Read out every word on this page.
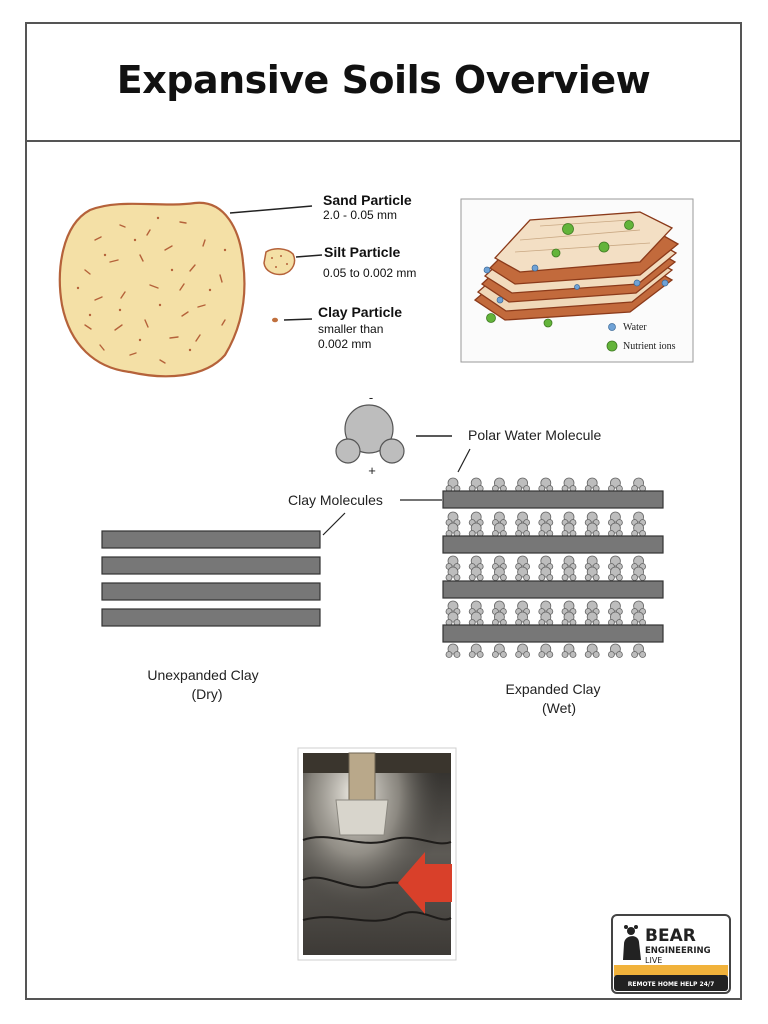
Expansive Soils Overview
Sand Particle
2.0 - 0.05 mm
Silt Particle
0.05 to 0.002 mm
Clay Particle
smaller than
0.002 mm
Water
Nutrient ions
-
+
Polar Water Molecule
Clay Molecules
Unexpanded Clay
(Dry)	Expanded Clay
(Wet)
BEAR
ENGINEERING
LIVE
REMOTE HOME HELP 24/7
